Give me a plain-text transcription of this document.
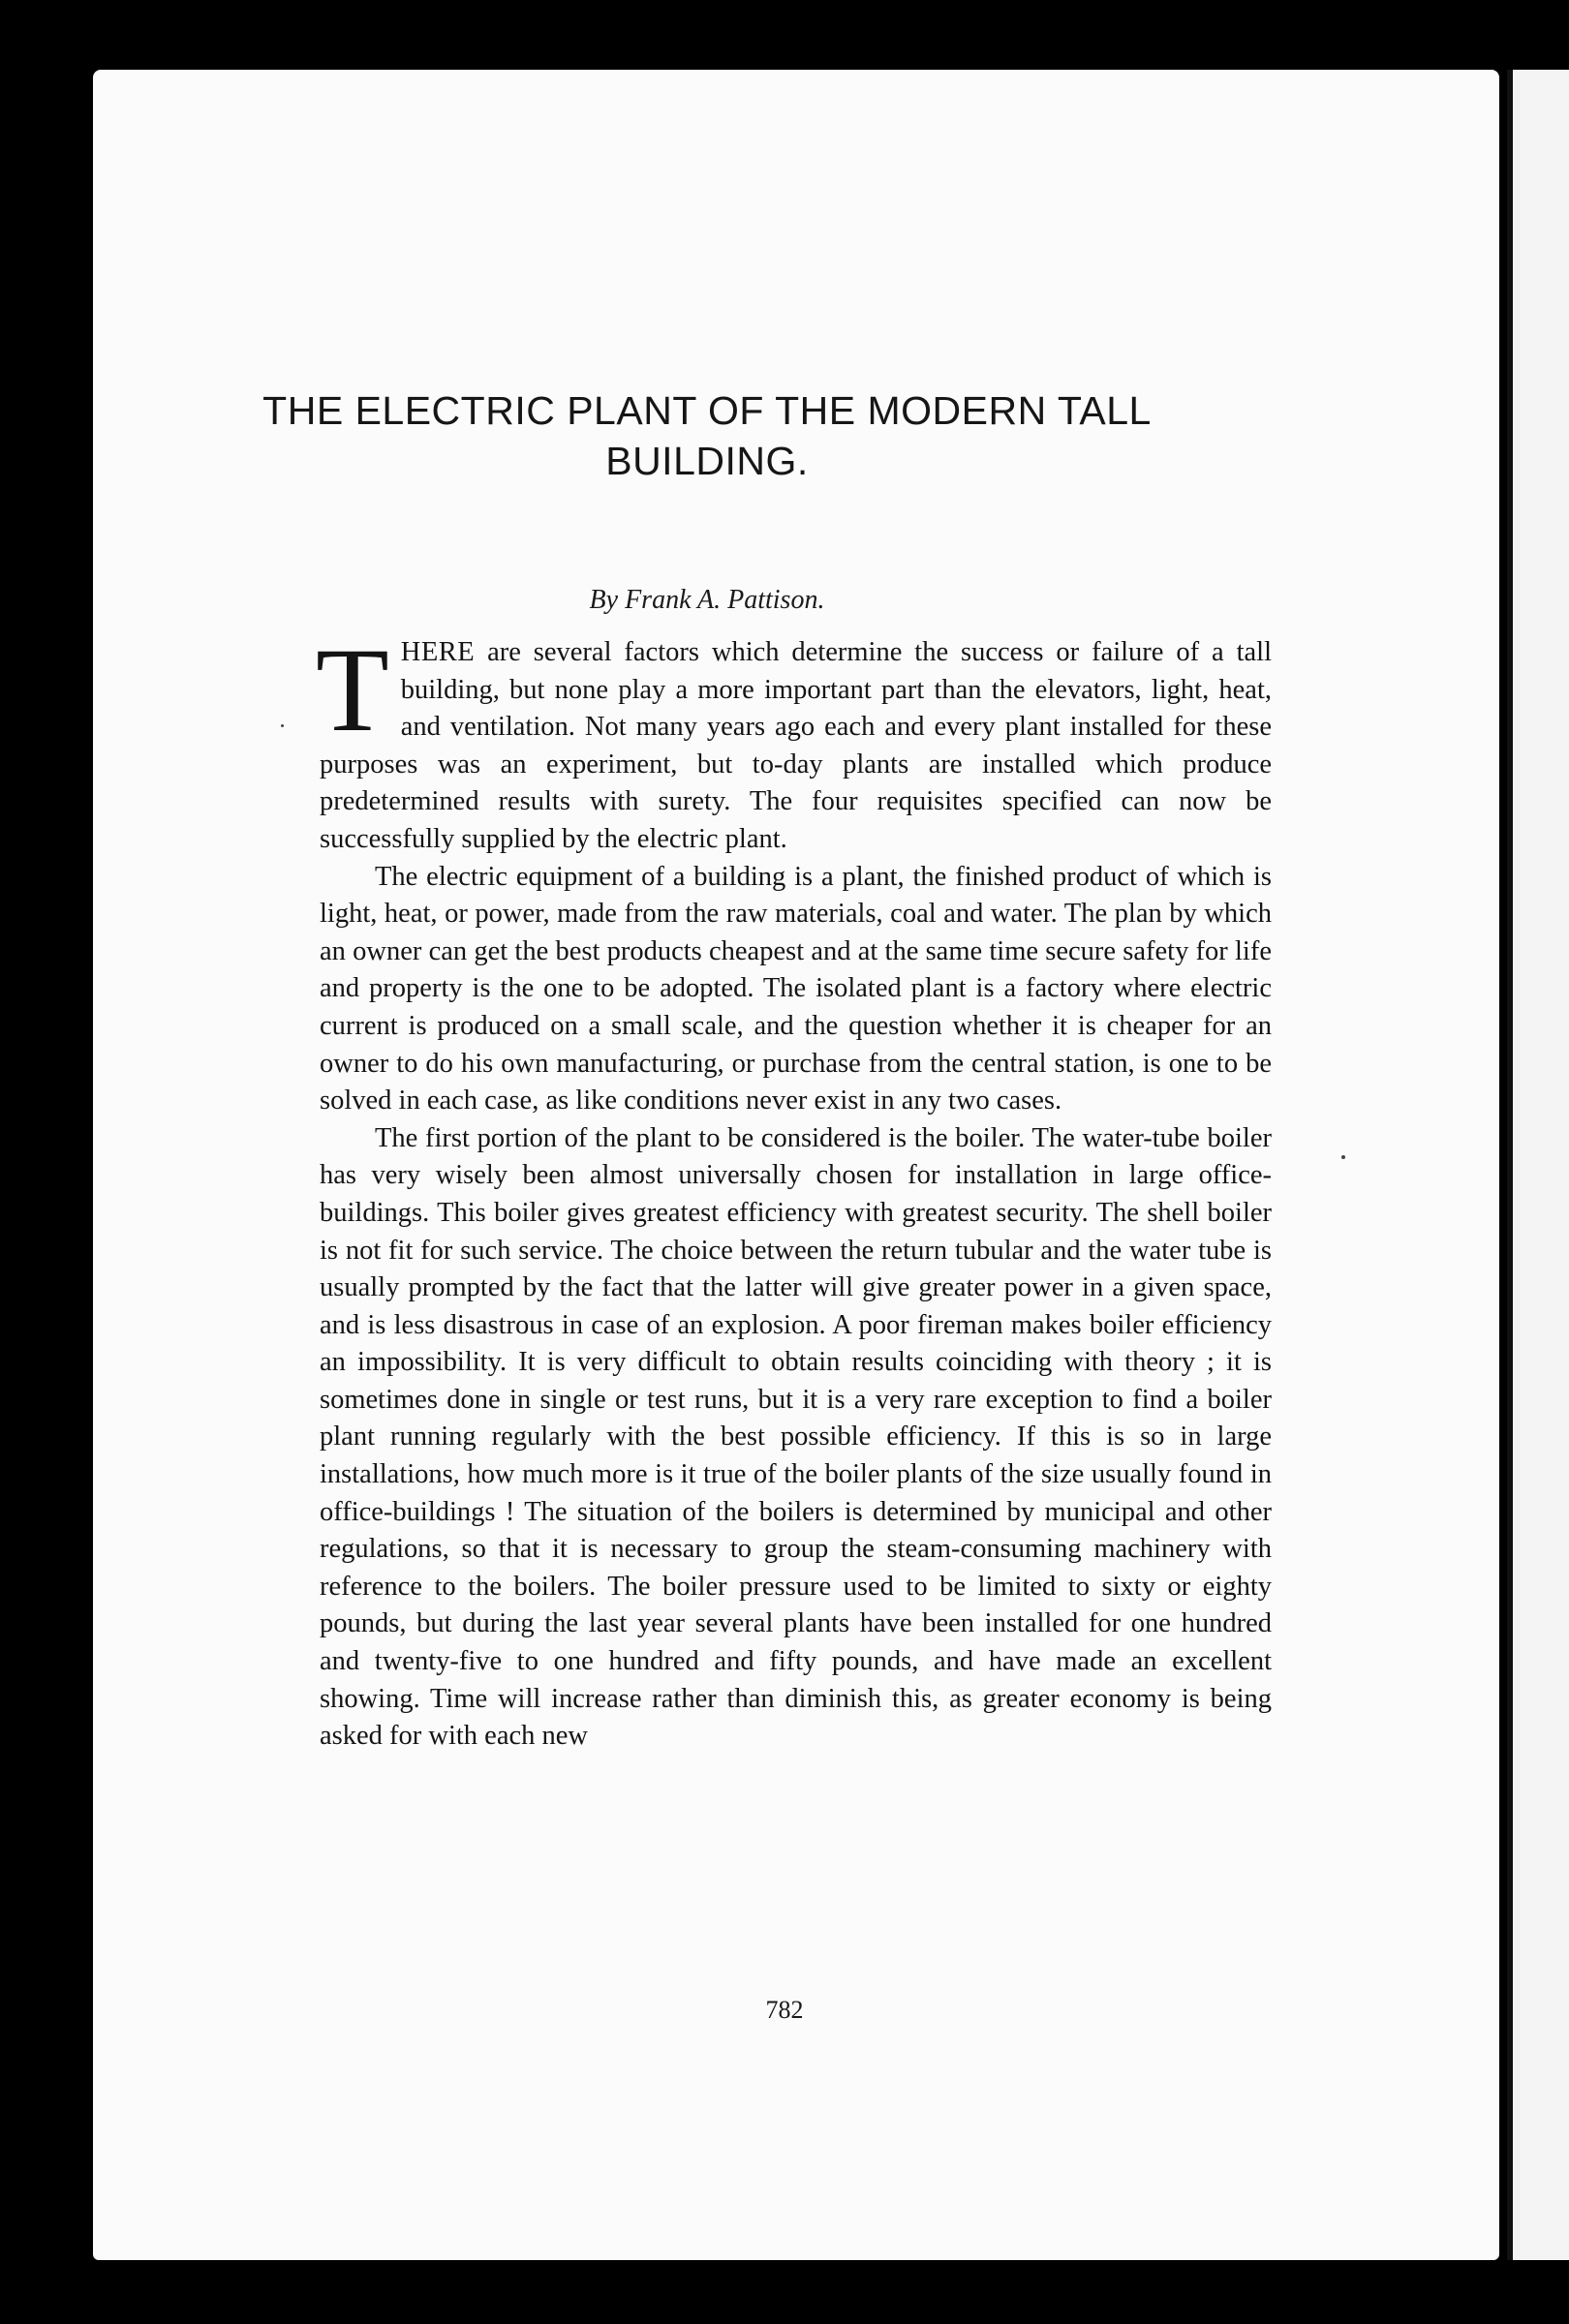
THE ELECTRIC PLANT OF THE MODERN TALL
BUILDING.

By Frank A. Pattison.

THERE are several factors which determine the success or failure of a tall building, but none play a more important part than the elevators, light, heat, and ventilation. Not many years ago each and every plant installed for these purposes was an experiment, but to-day plants are installed which produce predetermined results with surety. The four requisites specified can now be successfully supplied by the electric plant.

The electric equipment of a building is a plant, the finished product of which is light, heat, or power, made from the raw materials, coal and water. The plan by which an owner can get the best products cheapest and at the same time secure safety for life and property is the one to be adopted. The isolated plant is a factory where electric current is produced on a small scale, and the question whether it is cheaper for an owner to do his own manufacturing, or purchase from the central station, is one to be solved in each case, as like conditions never exist in any two cases.

The first portion of the plant to be considered is the boiler. The water-tube boiler has very wisely been almost universally chosen for installation in large office-buildings. This boiler gives greatest efficiency with greatest security. The shell boiler is not fit for such service. The choice between the return tubular and the water tube is usually prompted by the fact that the latter will give greater power in a given space, and is less disastrous in case of an explosion. A poor fireman makes boiler efficiency an impossibility. It is very difficult to obtain results coinciding with theory ; it is sometimes done in single or test runs, but it is a very rare exception to find a boiler plant running regularly with the best possible efficiency. If this is so in large installations, how much more is it true of the boiler plants of the size usually found in office-buildings ! The situation of the boilers is determined by municipal and other regulations, so that it is necessary to group the steam-consuming machinery with reference to the boilers. The boiler pressure used to be limited to sixty or eighty pounds, but during the last year several plants have been installed for one hundred and twenty-five to one hundred and fifty pounds, and have made an excellent showing. Time will increase rather than diminish this, as greater economy is being asked for with each new

782
